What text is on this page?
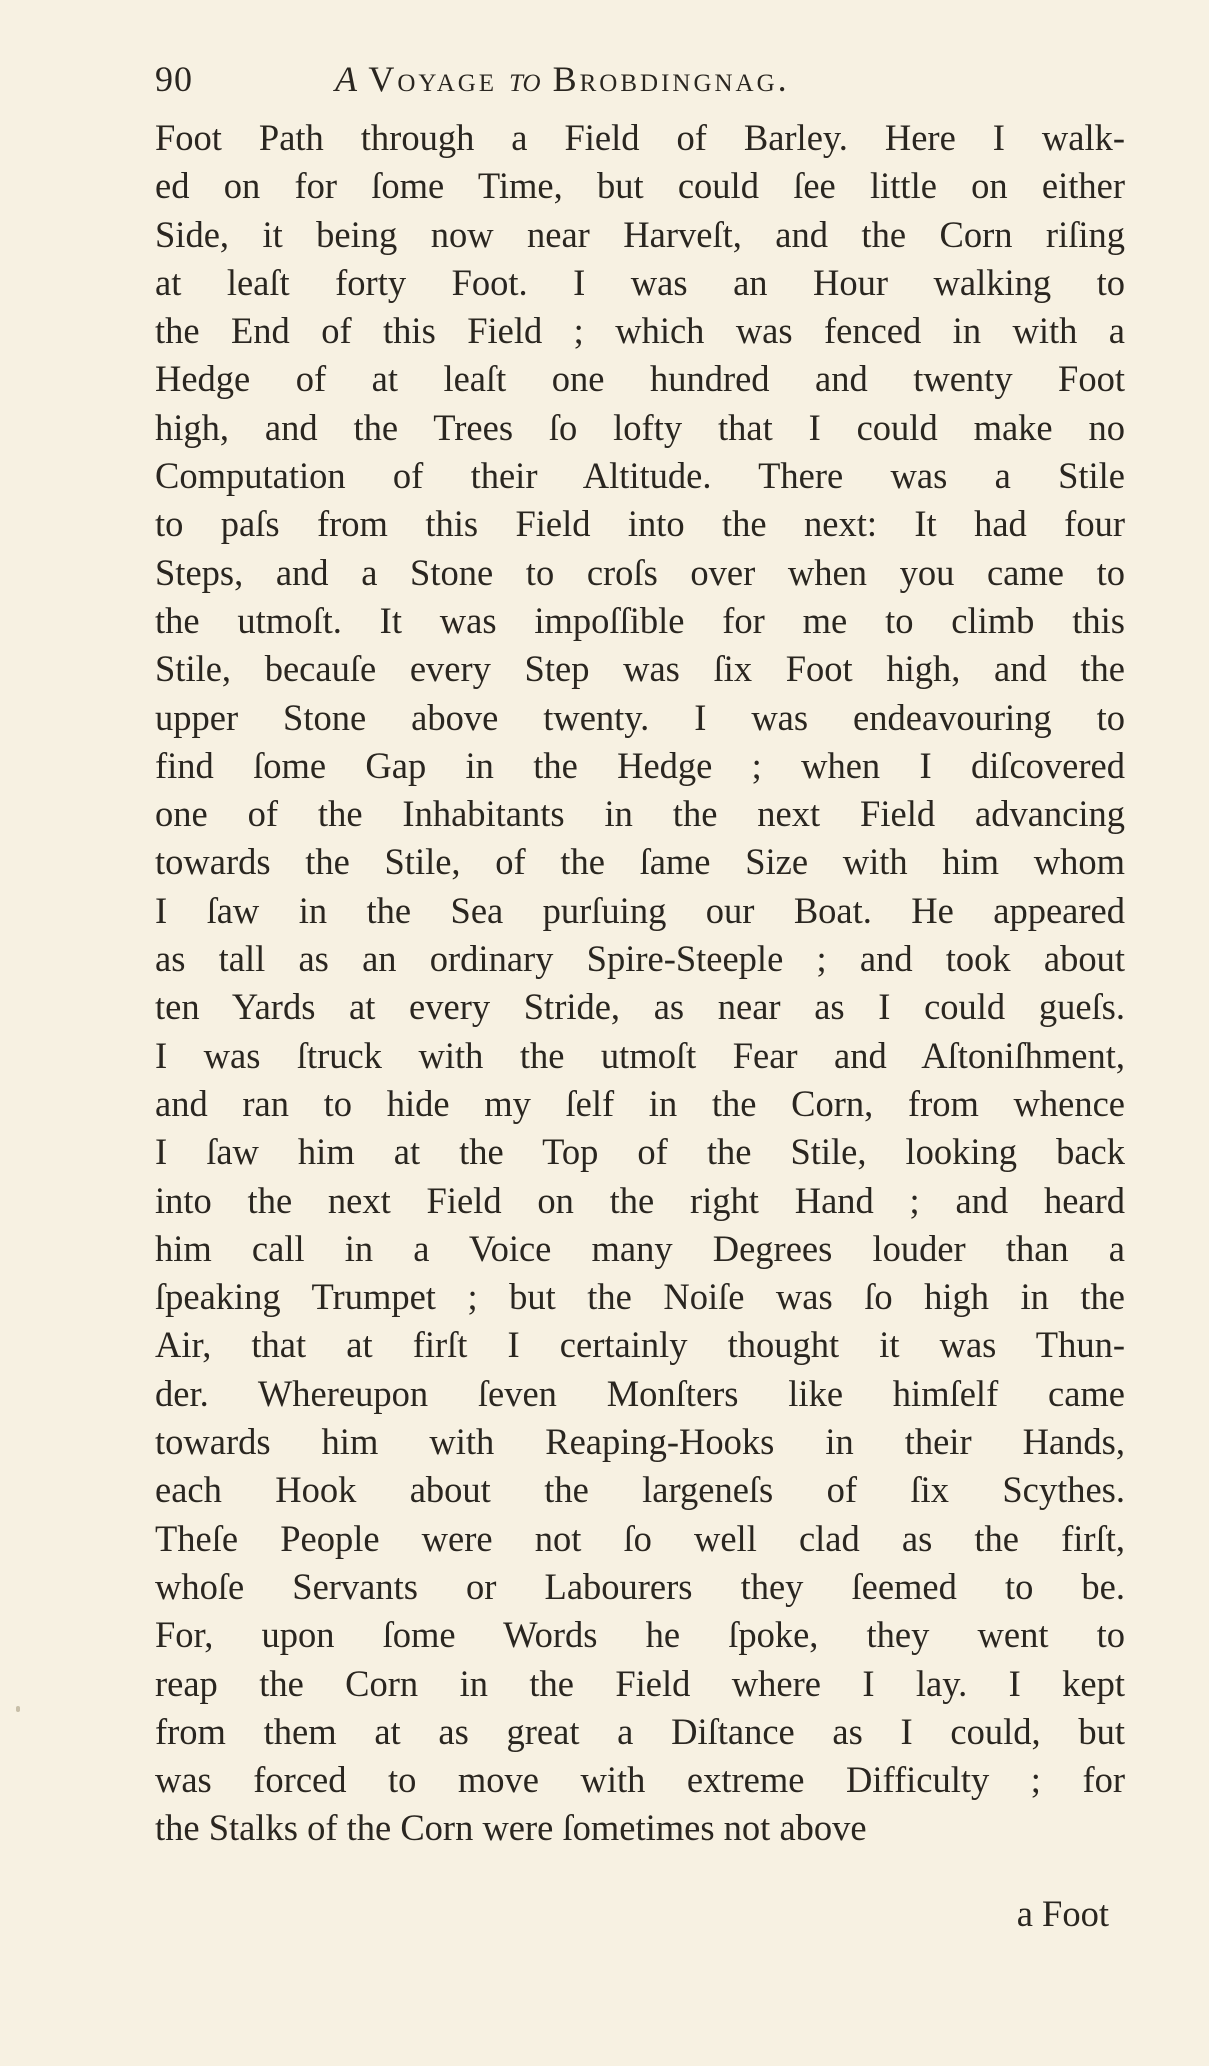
90	A Voyage to Brobdingnag.
Foot Path through a Field of Barley. Here I walk-
ed on for ſome Time, but could ſee little on either
Side, it being now near Harveſt, and the Corn riſing
at leaſt forty Foot. I was an Hour walking to
the End of this Field ; which was fenced in with a
Hedge of at leaſt one hundred and twenty Foot
high, and the Trees ſo lofty that I could make no
Computation of their Altitude. There was a Stile
to paſs from this Field into the next: It had four
Steps, and a Stone to croſs over when you came to
the utmoſt. It was impoſſible for me to climb this
Stile, becauſe every Step was ſix Foot high, and the
upper Stone above twenty. I was endeavouring to
find ſome Gap in the Hedge ; when I diſcovered
one of the Inhabitants in the next Field advancing
towards the Stile, of the ſame Size with him whom
I ſaw in the Sea purſuing our Boat. He appeared
as tall as an ordinary Spire-Steeple ; and took about
ten Yards at every Stride, as near as I could gueſs.
I was ſtruck with the utmoſt Fear and Aſtoniſhment,
and ran to hide my ſelf in the Corn, from whence
I ſaw him at the Top of the Stile, looking back
into the next Field on the right Hand ; and heard
him call in a Voice many Degrees louder than a
ſpeaking Trumpet ; but the Noiſe was ſo high in the
Air, that at firſt I certainly thought it was Thun-
der. Whereupon ſeven Monſters like himſelf came
towards him with Reaping-Hooks in their Hands,
each Hook about the largeneſs of ſix Scythes.
Theſe People were not ſo well clad as the firſt,
whoſe Servants or Labourers they ſeemed to be.
For, upon ſome Words he ſpoke, they went to
reap the Corn in the Field where I lay. I kept
from them at as great a Diſtance as I could, but
was forced to move with extreme Difficulty ; for
the Stalks of the Corn were ſometimes not above
a Foot
